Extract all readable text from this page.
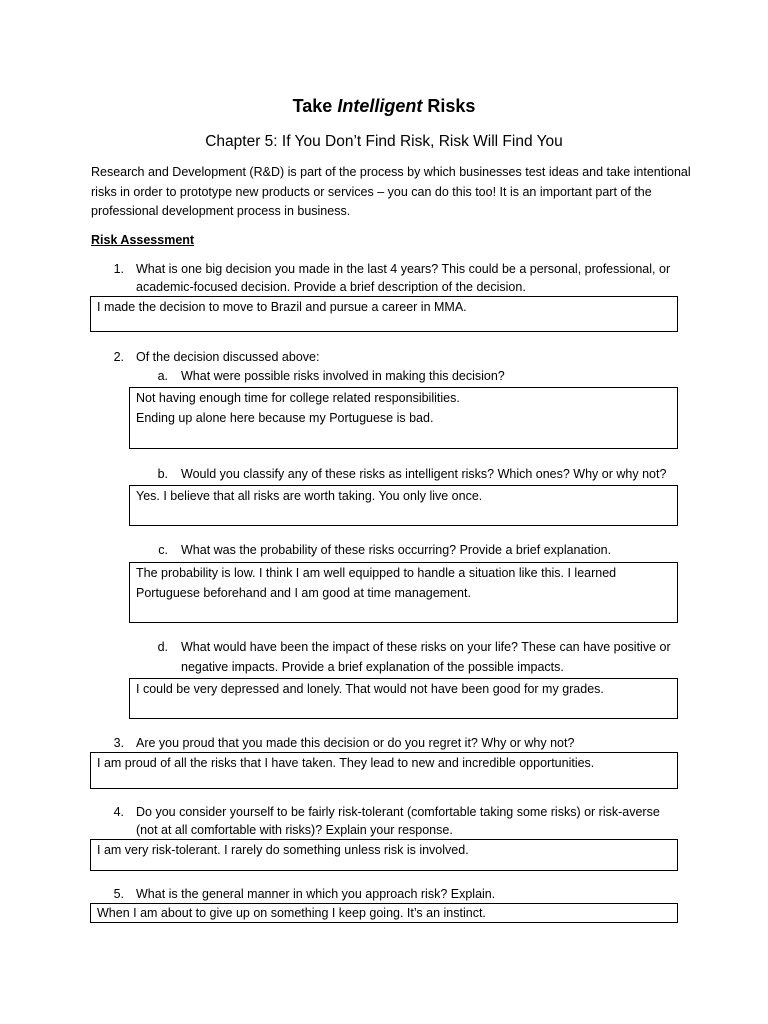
Take Intelligent Risks
Chapter 5: If You Don’t Find Risk, Risk Will Find You
Research and Development (R&D) is part of the process by which businesses test ideas and take intentional risks in order to prototype new products or services – you can do this too! It is an important part of the professional development process in business.
Risk Assessment
1. What is one big decision you made in the last 4 years? This could be a personal, professional, or academic-focused decision. Provide a brief description of the decision.
I made the decision to move to Brazil and pursue a career in MMA.
2. Of the decision discussed above:
a. What were possible risks involved in making this decision?
Not having enough time for college related responsibilities.
Ending up alone here because my Portuguese is bad.
b. Would you classify any of these risks as intelligent risks? Which ones? Why or why not?
Yes. I believe that all risks are worth taking. You only live once.
c. What was the probability of these risks occurring? Provide a brief explanation.
The probability is low. I think I am well equipped to handle a situation like this. I learned Portuguese beforehand and I am good at time management.
d. What would have been the impact of these risks on your life? These can have positive or negative impacts. Provide a brief explanation of the possible impacts.
I could be very depressed and lonely. That would not have been good for my grades.
3. Are you proud that you made this decision or do you regret it? Why or why not?
I am proud of all the risks that I have taken. They lead to new and incredible opportunities.
4. Do you consider yourself to be fairly risk-tolerant (comfortable taking some risks) or risk-averse (not at all comfortable with risks)? Explain your response.
I am very risk-tolerant. I rarely do something unless risk is involved.
5. What is the general manner in which you approach risk? Explain.
When I am about to give up on something I keep going. It’s an instinct.
